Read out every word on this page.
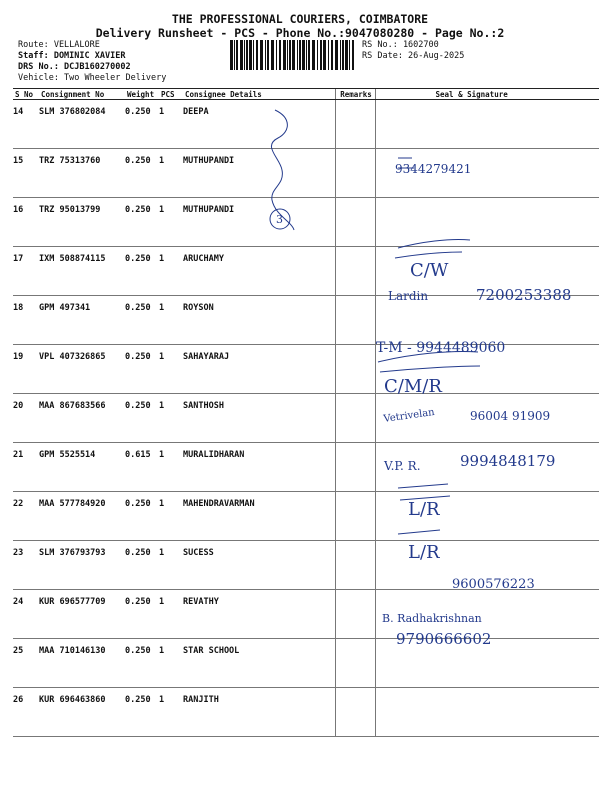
THE PROFESSIONAL COURIERS, COIMBATORE
Delivery Runsheet - PCS - Phone No.:9047080280 - Page No.:2
Route: VELLALORE
Staff: DOMINIC XAVIER
DRS No.: DCJB160270002
Vehicle: Two Wheeler Delivery
RS No.: 1602700
RS Date: 26-Aug-2025
S No	Consignment No	Weight	PCS	Consignee Details	Remarks	Seal & Signature
14	SLM 376802084	0.250	1	DEEPA		
15	TRZ 75313760	0.250	1	MUTHUPANDI		
16	TRZ 95013799	0.250	1	MUTHUPANDI		
17	IXM 508874115	0.250	1	ARUCHAMY		
18	GPM 497341	0.250	1	ROYSON		
19	VPL 407326865	0.250	1	SAHAYARAJ		
20	MAA 867683566	0.250	1	SANTHOSH		
21	GPM 5525514	0.615	1	MURALIDHARAN		
22	MAA 577784920	0.250	1	MAHENDRAVARMAN		
23	SLM 376793793	0.250	1	SUCESS		
24	KUR 696577709	0.250	1	REVATHY		
25	MAA 710146130	0.250	1	STAR SCHOOL		
26	KUR 696463860	0.250	1	RANJITH		
3
9344279421
C/W
Lardin	7200253388
T-M - 9944489060
C/M/R
Vetrivelan	96004 91909
V.P. R.	9994848179
L/R
L/R
9600576223
B. Radhakrishnan
9790666602
